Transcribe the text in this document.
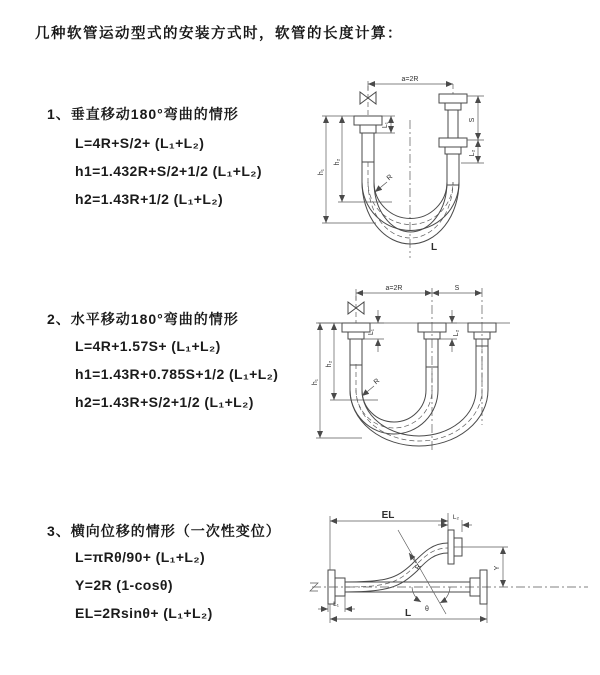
几种软管运动型式的安装方式时，软管的长度计算：
1、垂直移动180°弯曲的情形
L=4R+S/2+ (L₁+L₂)
h1=1.432R+S/2+1/2 (L₁+L₂)
h2=1.43R+1/2 (L₁+L₂)
2、水平移动180°弯曲的情形
L=4R+1.57S+ (L₁+L₂)
h1=1.43R+0.785S+1/2 (L₁+L₂)
h2=1.43R+S/2+1/2 (L₁+L₂)
3、横向位移的情形（一次性变位）
L=πRθ/90+ (L₁+L₂)
Y=2R (1-cosθ)
EL=2Rsinθ+ (L₁+L₂)
a=2R
S
L₂
L₁
h₂
h₁
R
L
a=2R	S
L₁	L₂
h₂
h₁	R
θ
R
EL	L₂
Y
L₁
L
